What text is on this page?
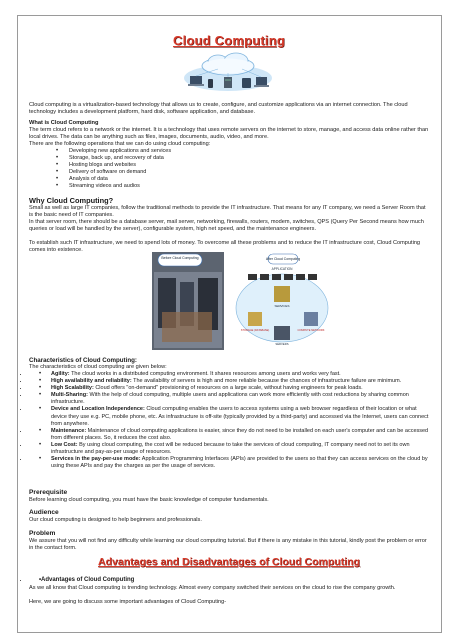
Cloud Computing
Cloud computing is a virtualization-based technology that allows us to create, configure, and customize applications via an internet connection. The cloud technology includes a development platform, hard disk, software application, and database.
What is Cloud Computing
The term cloud refers to a network or the internet. It is a technology that uses remote servers on the internet to store, manage, and access data online rather than local drives. The data can be anything such as files, images, documents, audio, video, and more.
There are the following operations that we can do using cloud computing:
• Developing new applications and services
• Storage, back up, and recovery of data
• Hosting blogs and websites
• Delivery of software on demand
• Analysis of data
• Streaming videos and audios
Why Cloud Computing?
Small as well as large IT companies, follow the traditional methods to provide the IT infrastructure. That means for any IT company, we need a Server Room that is the basic need of IT companies.
In that server room, there should be a database server, mail server, networking, firewalls, routers, modem, switches, QPS (Query Per Second means how much queries or load will be handled by the server), configurable system, high net speed, and the maintenance engineers.
To establish such IT infrastructure, we need to spend lots of money. To overcome all these problems and to reduce the IT infrastructure cost, Cloud Computing comes into existence.
Before Cloud Computing	After Cloud Computing
APPLICATION
SERVICES
STORAGE (DATABASE)	COMPUTE NETWORK
SERVERS
Characteristics of Cloud Computing:
The characteristics of cloud computing are given below:
• • Agility: The cloud works in a distributed computing environment. It shares resources among users and works very fast.
• • High availability and reliability: The availability of servers is high and more reliable because the chances of infrastructure failure are minimum.
• • High Scalability: Cloud offers "on-demand" provisioning of resources on a large scale, without having engineers for peak loads.
• • Multi-Sharing: With the help of cloud computing, multiple users and applications can work more efficiently with cost reductions by sharing common infrastructure.
• • Device and Location Independence: Cloud computing enables the users to access systems using a web browser regardless of their location or what device they use e.g. PC, mobile phone, etc. As infrastructure is off-site (typically provided by a third-party) and accessed via the Internet, users can connect from anywhere.
• • Maintenance: Maintenance of cloud computing applications is easier, since they do not need to be installed on each user's computer and can be accessed from different places. So, it reduces the cost also.
• • Low Cost: By using cloud computing, the cost will be reduced because to take the services of cloud computing, IT company need not to set its own infrastructure and pay-as-per usage of resources.
• • Services in the pay-per-use mode: Application Programming Interfaces (APIs) are provided to the users so that they can access services on the cloud by using these APIs and pay the charges as per the usage of services.
Prerequisite
Before learning cloud computing, you must have the basic knowledge of computer fundamentals.
Audience
Our cloud computing is designed to help beginners and professionals.
Problem
We assure that you will not find any difficulty while learning our cloud computing tutorial. But if there is any mistake in this tutorial, kindly post the problem or error in the contact form.
Advantages and Disadvantages of Cloud Computing
• • Advantages of Cloud Computing
As we all know that Cloud computing is trending technology. Almost every company switched their services on the cloud to rise the company growth.
Here, we are going to discuss some important advantages of Cloud Computing-
